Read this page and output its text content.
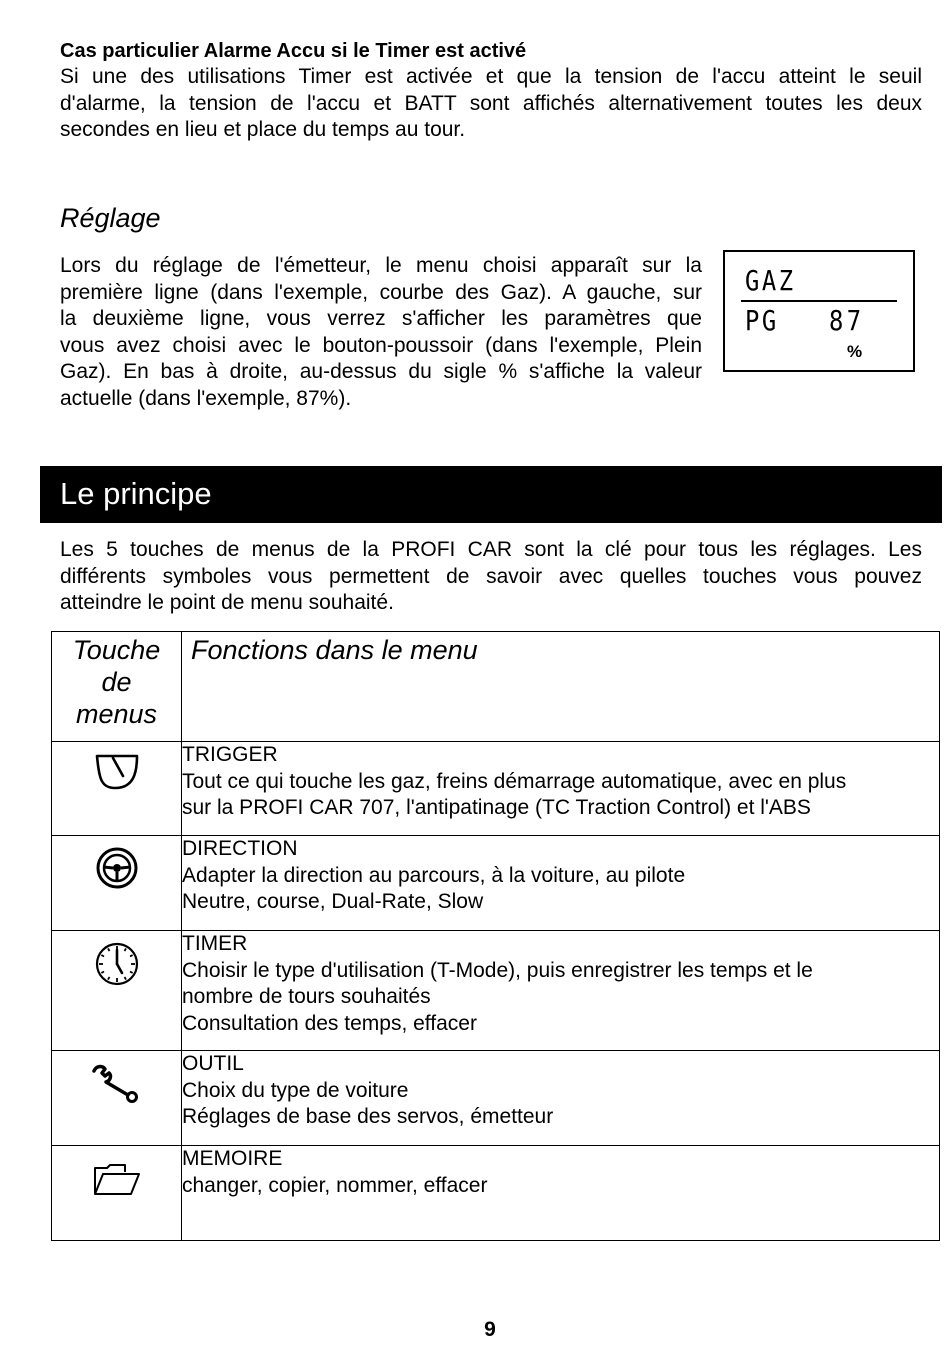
Cas particulier Alarme Accu si le Timer est activé

Si une des utilisations Timer est activée et que la tension de l'accu atteint le seuil
d'alarme, la tension de l'accu et BATT sont affichés alternativement toutes les deux
secondes en lieu et place du temps au tour.
Réglage
Lors du réglage de l'émetteur, le menu choisi apparaît sur la
première ligne (dans l'exemple, courbe des Gaz). A gauche, sur
la deuxième ligne, vous verrez s'afficher les paramètres que
vous avez choisi avec le bouton-poussoir (dans l'exemple, Plein
Gaz). En bas à droite, au-dessus du sigle % s'affiche la valeur
actuelle (dans l'exemple, 87%).
GAZ
PG 87
%
Le principe
Les 5 touches de menus de la PROFI CAR sont la clé pour tous les réglages. Les
différents symboles vous permettent de savoir avec quelles touches vous pouvez
atteindre le point de menu souhaité.
Touche
de
menus	Fonctions dans le menu

TRIGGER
Tout ce qui touche les gaz, freins démarrage automatique, avec en plus
sur la PROFI CAR 707, l'antipatinage (TC Traction Control) et l'ABS

DIRECTION
Adapter la direction au parcours, à la voiture, au pilote
Neutre, course, Dual-Rate, Slow

TIMER
Choisir le type d'utilisation (T-Mode), puis enregistrer les temps et le
nombre de tours souhaités
Consultation des temps, effacer

OUTIL
Choix du type de voiture
Réglages de base des servos, émetteur

MEMOIRE
changer, copier, nommer, effacer
9
